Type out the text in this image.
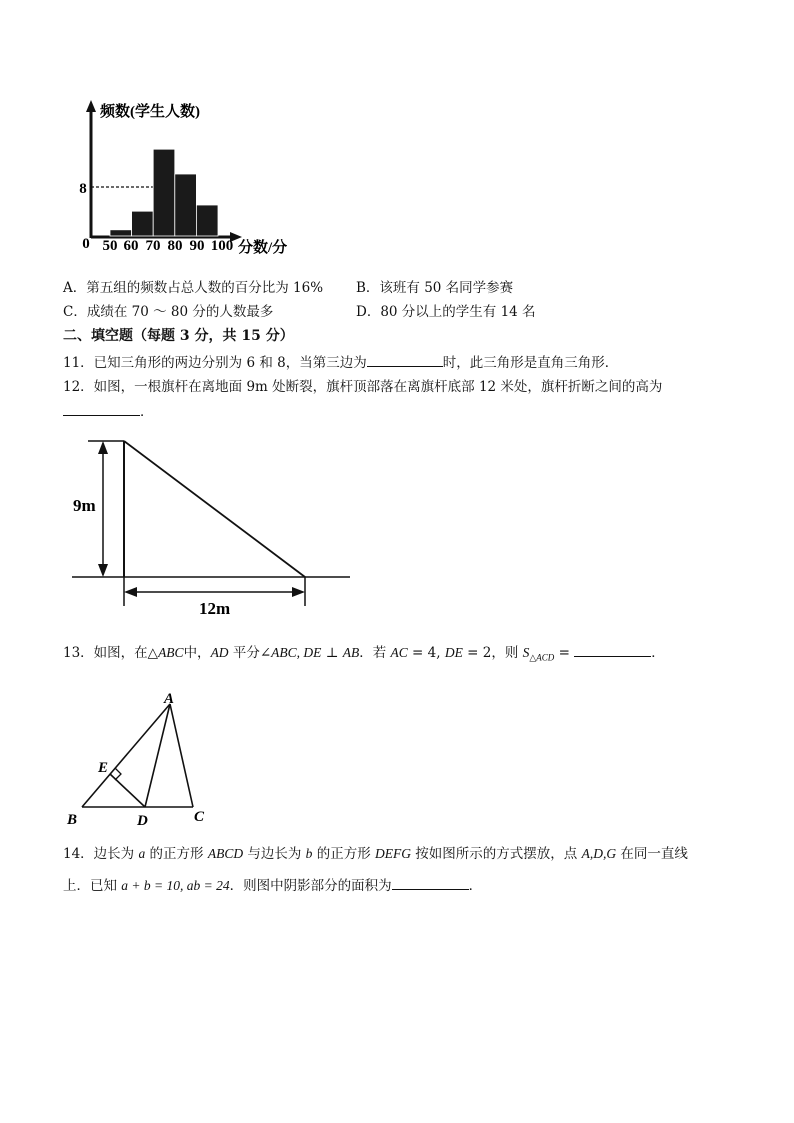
频数(学生人数)
8
0 50 60 70 80 90 100 分数/分
A．第五组的频数占总人数的百分比为 16% B．该班有 50 名同学参赛
C．成绩在 70 ～ 80 分的人数最多	D．80 分以上的学生有 14 名
二、填空题（每题 3 分，共 15 分）
11．已知三角形的两边分别为 6 和 8，当第三边为	时，此三角形是直角三角形．
12．如图，一根旗杆在离地面 9m 处断裂，旗杆顶部落在离旗杆底部 12 米处，旗杆折断之间的高为
．
9m
12m
13．如图，在△ABC中，AD 平分∠ABC, DE ⊥ AB．若 AC = 4, DE = 2，则 $S_{\triangle ACD}$ =	．
A
E
B	D	C
14．边长为 a 的正方形 ABCD 与边长为 b 的正方形 DEFG 按如图所示的方式摆放，点 A,D,G 在同一直线
上．已知 a + b = 10, ab = 24．则图中阴影部分的面积为	．
